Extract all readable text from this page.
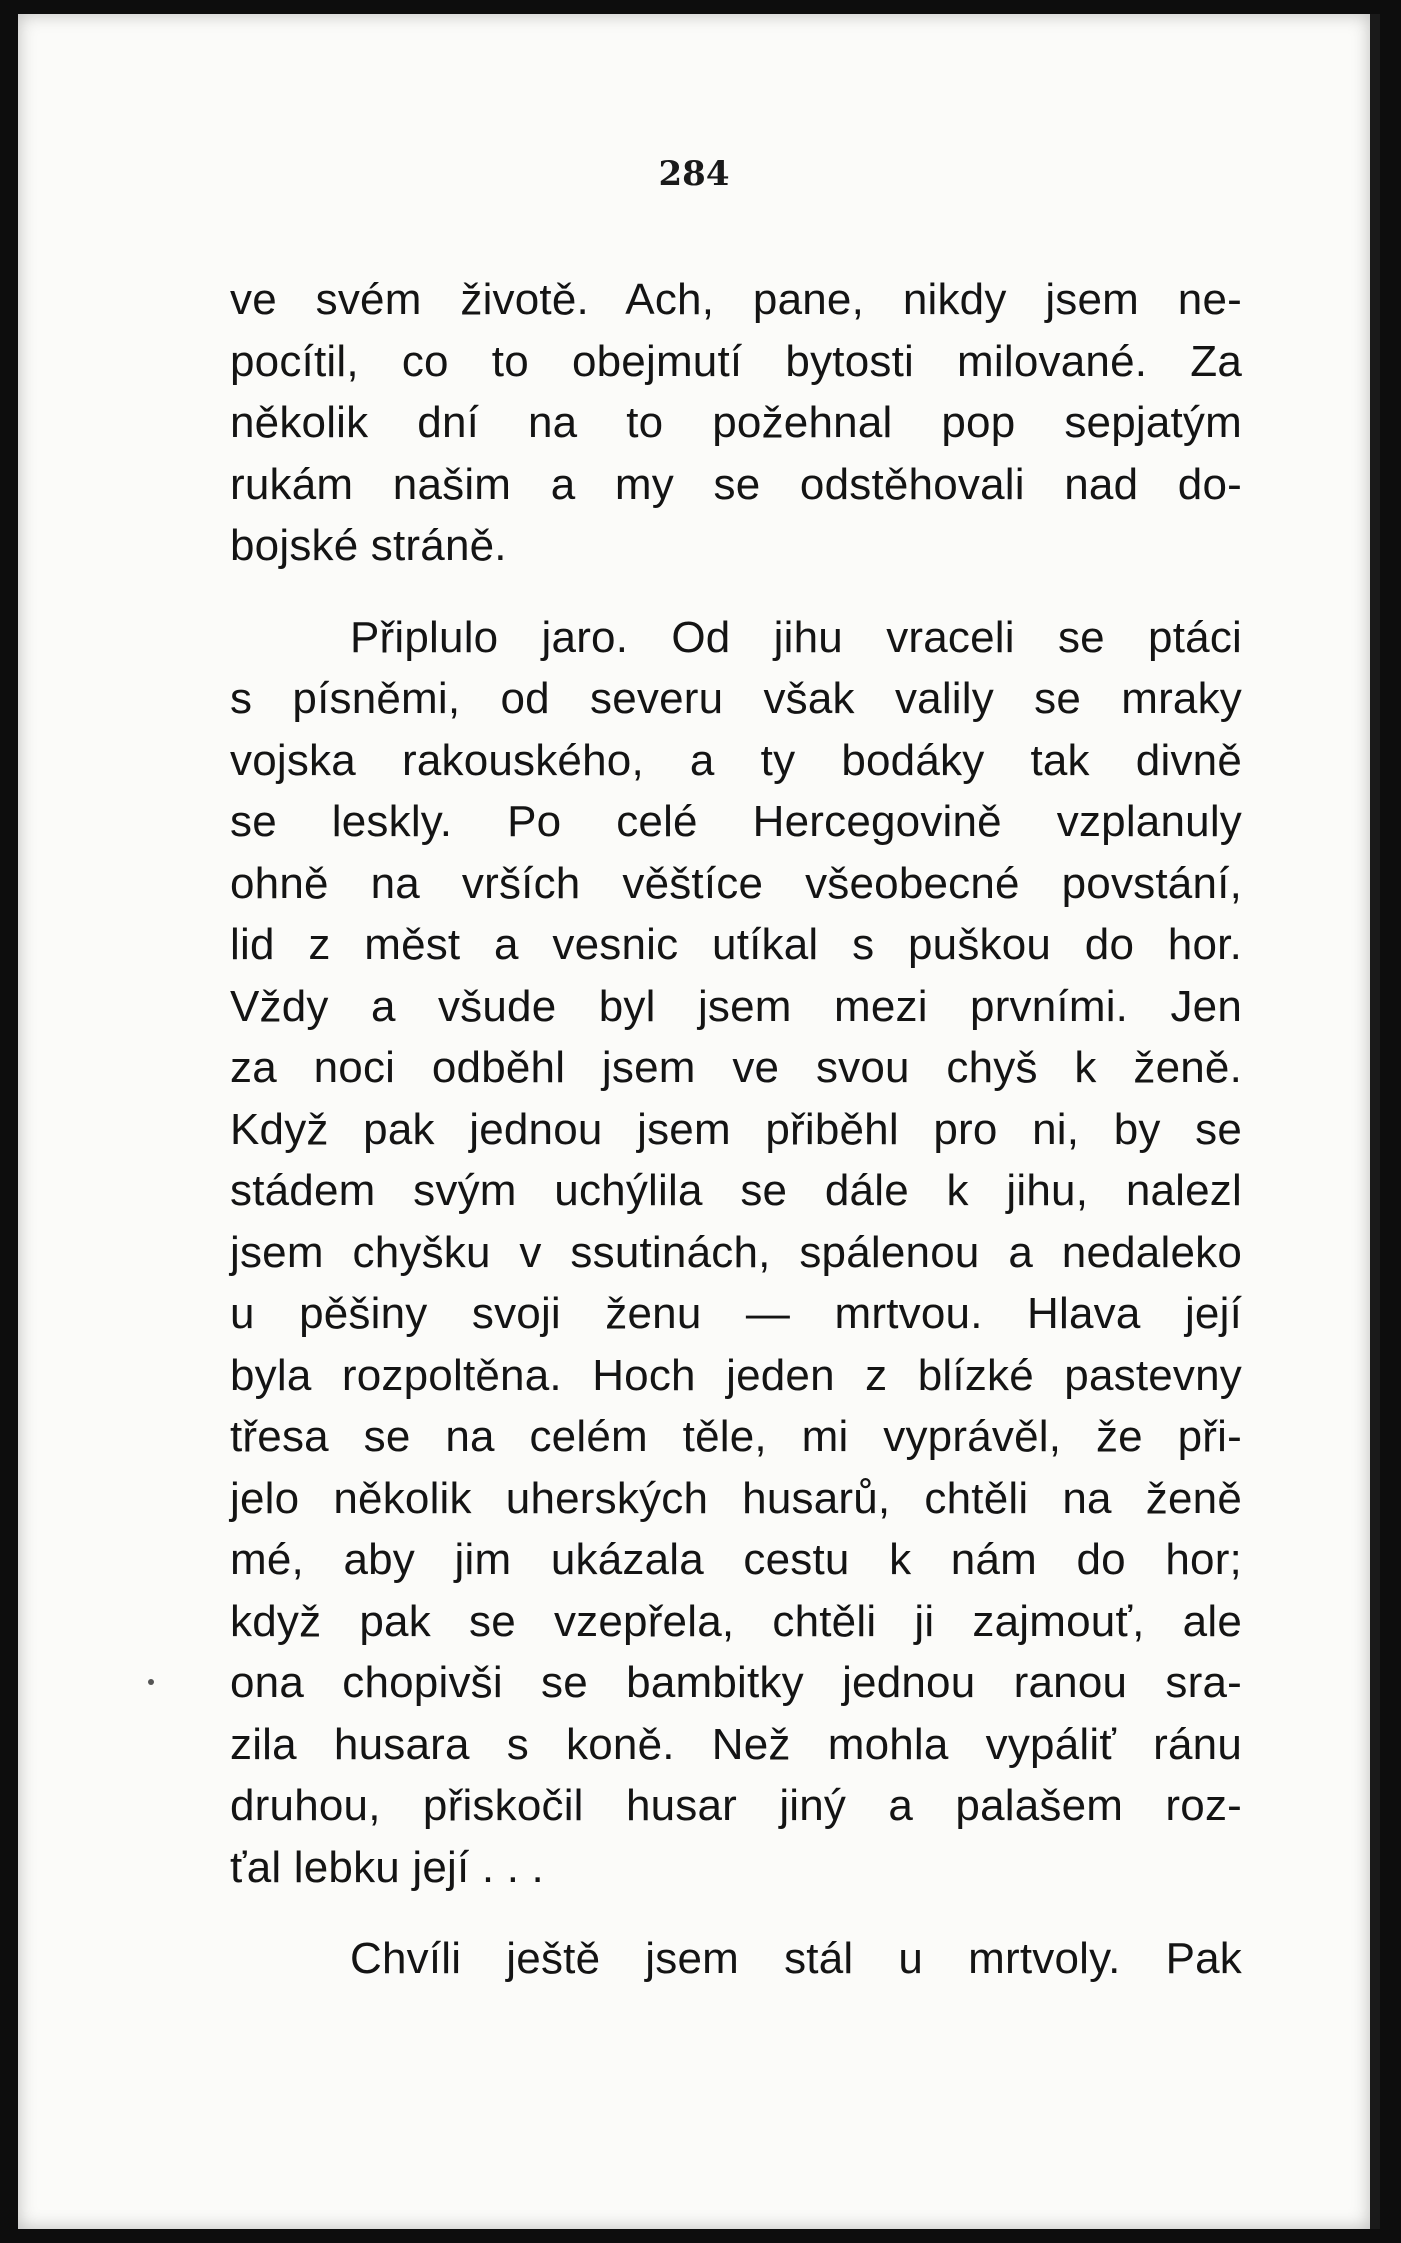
284

ve svém životě. Ach, pane, nikdy jsem ne-
pocítil, co to obejmutí bytosti milované. Za
několik dní na to požehnal pop sepjatým
rukám našim a my se odstěhovali nad do-
bojské stráně.
Připlulo jaro. Od jihu vraceli se ptáci
s písněmi, od severu však valily se mraky
vojska rakouského, a ty bodáky tak divně
se leskly. Po celé Hercegovině vzplanuly
ohně na vrších věštíce všeobecné povstání,
lid z měst a vesnic utíkal s puškou do hor.
Vždy a všude byl jsem mezi prvními. Jen
za noci odběhl jsem ve svou chyš k ženě.
Když pak jednou jsem přiběhl pro ni, by se
stádem svým uchýlila se dále k jihu, nalezl
jsem chyšku v ssutinách, spálenou a nedaleko
u pěšiny svoji ženu — mrtvou. Hlava její
byla rozpoltěna. Hoch jeden z blízké pastevny
třesa se na celém těle, mi vyprávěl, že při-
jelo několik uherských husarů, chtěli na ženě
mé, aby jim ukázala cestu k nám do hor;
když pak se vzepřela, chtěli ji zajmouť, ale
ona chopivši se bambitky jednou ranou sra-
zila husara s koně. Než mohla vypáliť ránu
druhou, přiskočil husar jiný a palašem roz-
ťal lebku její . . .
Chvíli ještě jsem stál u mrtvoly. Pak
